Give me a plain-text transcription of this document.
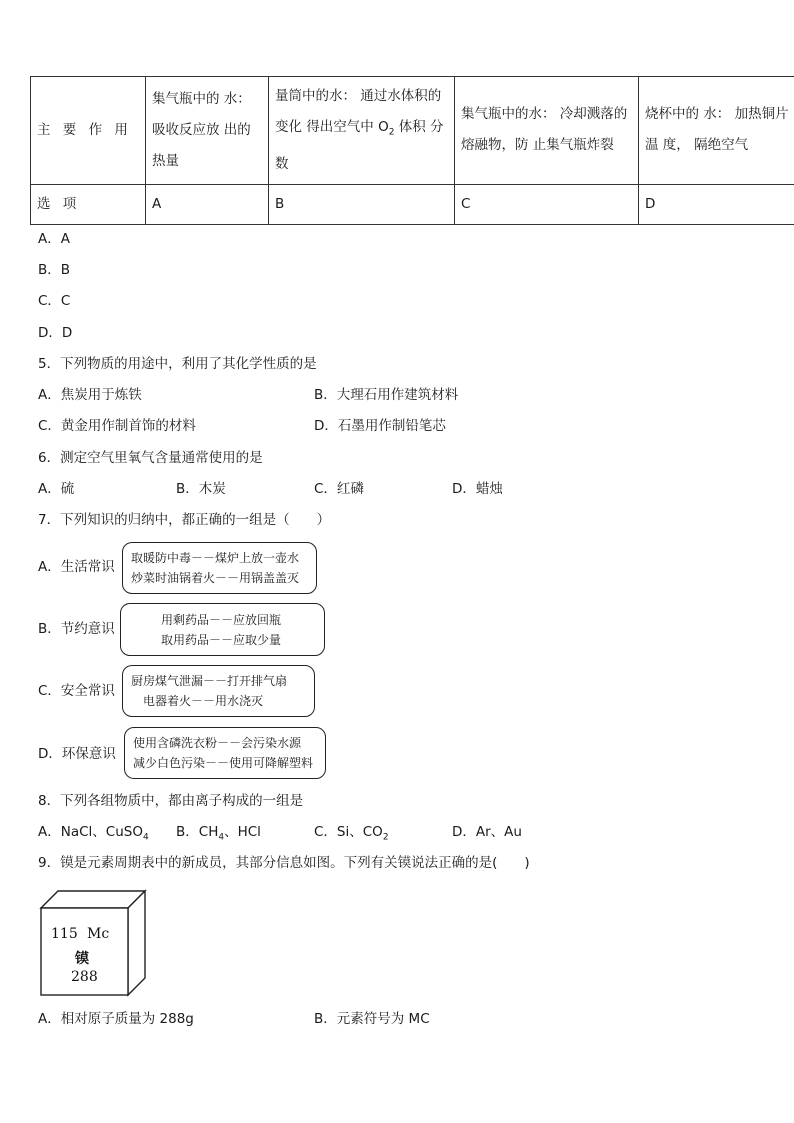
主 要 作 用	集气瓶中的 水：吸收反应放 出的热量	量筒中的水： 通过水体积的变化 得出空气中 $O_2$ 体积 分数	集气瓶中的水： 冷却溅落的熔融物，防 止集气瓶炸裂	烧杯中的 水： 加热铜片温 度， 隔绝空气
选 项	A	B	C	D
A．A
B．B
C．C
D．D
5．下列物质的用途中，利用了其化学性质的是
A．焦炭用于炼铁	B．大理石用作建筑材料
C．黄金用作制首饰的材料	D．石墨用作制铅笔芯
6．测定空气里氧气含量通常使用的是
A．硫	B．木炭	C．红磷	D．蜡烛
7．下列知识的归纳中，都正确的一组是（　　）
A．生活常识
取暖防中毒－－煤炉上放一壶水
炒菜时油锅着火－－用锅盖盖灭
B．节约意识
用剩药品－－应放回瓶
取用药品－－应取少量
C．安全常识
厨房煤气泄漏－－打开排气扇
电器着火－－用水浇灭
D．环保意识
使用含磷洗衣粉－－会污染水源
减少白色污染－－使用可降解塑料
8．下列各组物质中，都由离子构成的一组是
A．NaCl、CuSO$_4$ B．$CH_4$、HCl	C．Si、$CO_2$	D．Ar、Au
9．镆是元素周期表中的新成员，其部分信息如图。下列有关镆说法正确的是(　　)
115 Mc
镆
288
A．相对原子质量为 288g	B．元素符号为 MC
